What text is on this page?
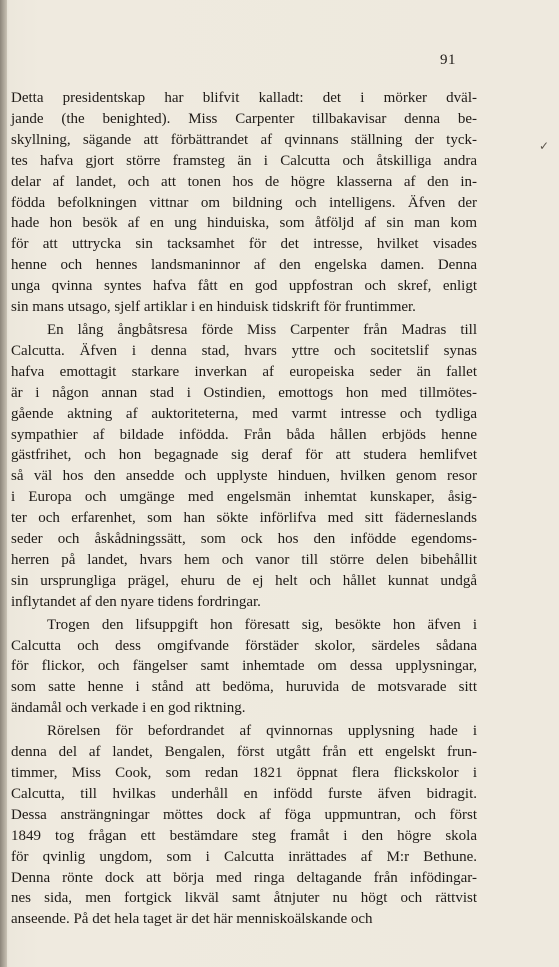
91
✓
Detta presidentskap har blifvit kalladt: det i mörker dväl-
jande (the benighted). Miss Carpenter tillbakavisar denna be-
skyllning, sägande att förbättrandet af qvinnans ställning der tyck-
tes hafva gjort större framsteg än i Calcutta och åtskilliga andra
delar af landet, och att tonen hos de högre klasserna af den in-
födda befolkningen vittnar om bildning och intelligens. Äfven der
hade hon besök af en ung hinduiska, som åtföljd af sin man kom
för att uttrycka sin tacksamhet för det intresse, hvilket visades
henne och hennes landsmaninnor af den engelska damen. Denna
unga qvinna syntes hafva fått en god uppfostran och skref, enligt
sin mans utsago, sjelf artiklar i en hinduisk tidskrift för fruntimmer.
En lång ångbåtsresa förde Miss Carpenter från Madras till
Calcutta. Äfven i denna stad, hvars yttre och socitetslif synas
hafva emottagit starkare inverkan af europeiska seder än fallet
är i någon annan stad i Ostindien, emottogs hon med tillmötes-
gående aktning af auktoriteterna, med varmt intresse och tydliga
sympathier af bildade infödda. Från båda hållen erbjöds henne
gästfrihet, och hon begagnade sig deraf för att studera hemlifvet
så väl hos den ansedde och upplyste hinduen, hvilken genom resor
i Europa och umgänge med engelsmän inhemtat kunskaper, åsig-
ter och erfarenhet, som han sökte införlifva med sitt fäderneslands
seder och åskådningssätt, som ock hos den infödde egendoms-
herren på landet, hvars hem och vanor till större delen bibehållit
sin ursprungliga prägel, ehuru de ej helt och hållet kunnat undgå
inflytandet af den nyare tidens fordringar.
Trogen den lifsuppgift hon föresatt sig, besökte hon äfven i
Calcutta och dess omgifvande förstäder skolor, särdeles sådana
för flickor, och fängelser samt inhemtade om dessa upplysningar,
som satte henne i stånd att bedöma, huruvida de motsvarade sitt
ändamål och verkade i en god riktning.
Rörelsen för befordrandet af qvinnornas upplysning hade i
denna del af landet, Bengalen, först utgått från ett engelskt frun-
timmer, Miss Cook, som redan 1821 öppnat flera flickskolor i
Calcutta, till hvilkas underhåll en infödd furste äfven bidragit.
Dessa ansträngningar möttes dock af föga uppmuntran, och först
1849 tog frågan ett bestämdare steg framåt i den högre skola
för qvinlig ungdom, som i Calcutta inrättades af M:r Bethune.
Denna rönte dock att börja med ringa deltagande från infödingar-
nes sida, men fortgick likväl samt åtnjuter nu högt och rättvist
anseende. På det hela taget är det här menniskoälskande och
